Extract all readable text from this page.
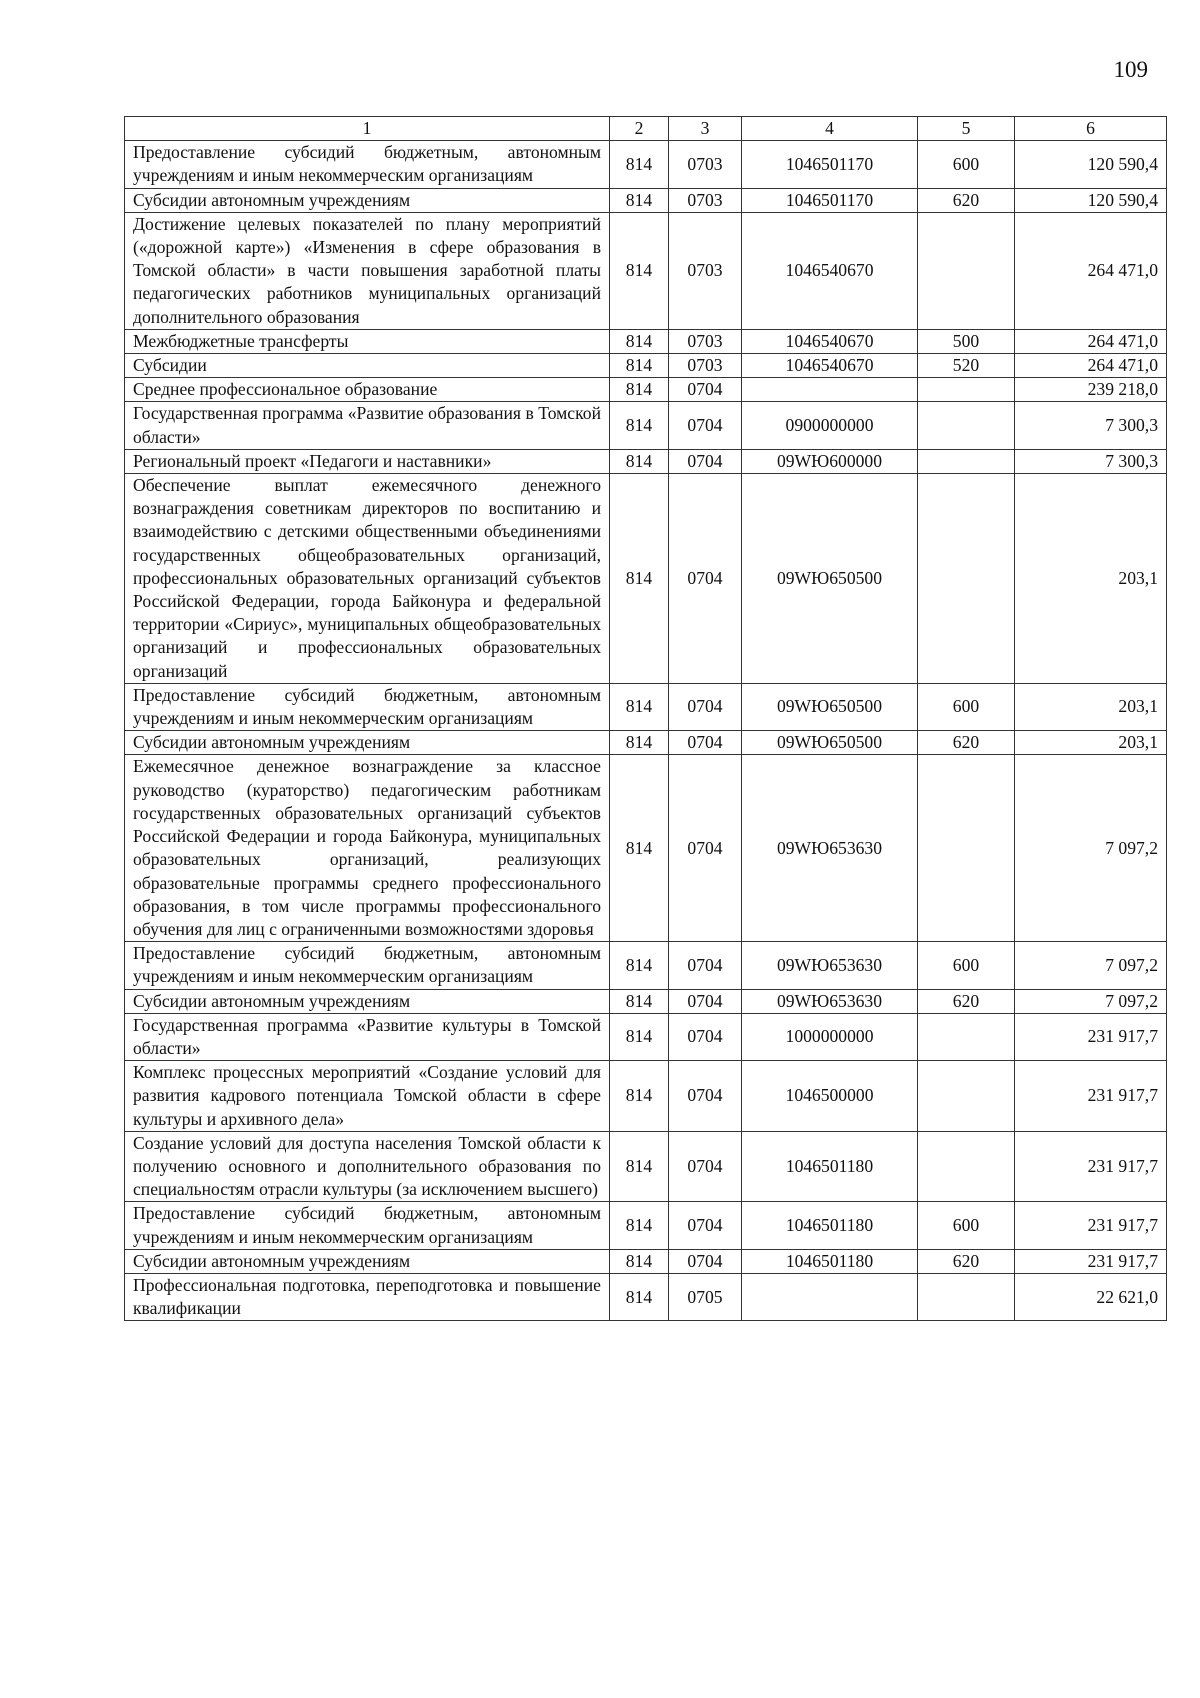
109
1	2	3	4	5	6
Предоставление субсидий бюджетным, автономным учреждениям и иным некоммерческим организациям	814	0703	1046501170	600	120 590,4
Субсидии автономным учреждениям	814	0703	1046501170	620	120 590,4
Достижение целевых показателей по плану мероприятий («дорожной карте») «Изменения в сфере образования в Томской области» в части повышения заработной платы педагогических работников муниципальных организаций дополнительного образования	814	0703	1046540670		264 471,0
Межбюджетные трансферты	814	0703	1046540670	500	264 471,0
Субсидии	814	0703	1046540670	520	264 471,0
Среднее профессиональное образование	814	0704			239 218,0
Государственная программа «Развитие образования в Томской области»	814	0704	0900000000		7 300,3
Региональный проект «Педагоги и наставники»	814	0704	09WЮ600000		7 300,3
Обеспечение выплат ежемесячного денежного вознаграждения советникам директоров по воспитанию и взаимодействию с детскими общественными объединениями государственных общеобразовательных организаций, профессиональных образовательных организаций субъектов Российской Федерации, города Байконура и федеральной территории «Сириус», муниципальных общеобразовательных организаций и профессиональных образовательных организаций	814	0704	09WЮ650500		203,1
Предоставление субсидий бюджетным, автономным учреждениям и иным некоммерческим организациям	814	0704	09WЮ650500	600	203,1
Субсидии автономным учреждениям	814	0704	09WЮ650500	620	203,1
Ежемесячное денежное вознаграждение за классное руководство (кураторство) педагогическим работникам государственных образовательных организаций субъектов Российской Федерации и города Байконура, муниципальных образовательных организаций, реализующих образовательные программы среднего профессионального образования, в том числе программы профессионального обучения для лиц с ограниченными возможностями здоровья	814	0704	09WЮ653630		7 097,2
Предоставление субсидий бюджетным, автономным учреждениям и иным некоммерческим организациям	814	0704	09WЮ653630	600	7 097,2
Субсидии автономным учреждениям	814	0704	09WЮ653630	620	7 097,2
Государственная программа «Развитие культуры в Томской области»	814	0704	1000000000		231 917,7
Комплекс процессных мероприятий «Создание условий для развития кадрового потенциала Томской области в сфере культуры и архивного дела»	814	0704	1046500000		231 917,7
Создание условий для доступа населения Томской области к получению основного и дополнительного образования по специальностям отрасли культуры (за исключением высшего)	814	0704	1046501180		231 917,7
Предоставление субсидий бюджетным, автономным учреждениям и иным некоммерческим организациям	814	0704	1046501180	600	231 917,7
Субсидии автономным учреждениям	814	0704	1046501180	620	231 917,7
Профессиональная подготовка, переподготовка и повышение квалификации	814	0705			22 621,0
